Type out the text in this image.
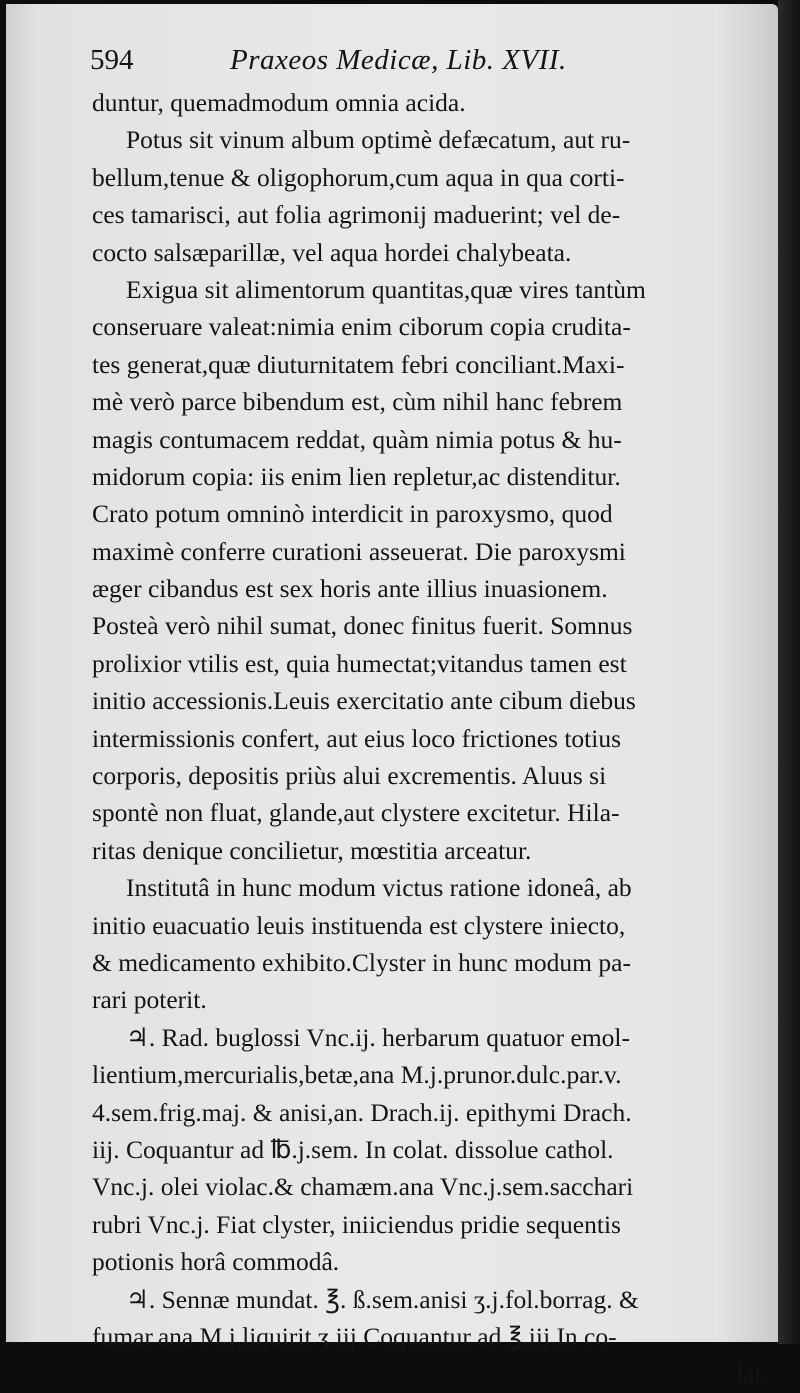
594	Praxeos Medicæ, Lib. XVII.
duntur, quemadmodum omnia acida.
Potus sit vinum album optimè defæcatum, aut ru-
bellum,tenue & oligophorum,cum aqua in qua corti-
ces tamarisci, aut folia agrimonij maduerint; vel de-
cocto salsæparillæ, vel aqua hordei chalybeata.
Exigua sit alimentorum quantitas,quæ vires tantùm
conseruare valeat:nimia enim ciborum copia crudita-
tes generat,quæ diuturnitatem febri conciliant.Maxi-
mè verò parce bibendum est, cùm nihil hanc febrem
magis contumacem reddat, quàm nimia potus & hu-
midorum copia: iis enim lien repletur,ac distenditur.
Crato potum omninò interdicit in paroxysmo, quod
maximè conferre curationi asseuerat. Die paroxysmi
æger cibandus est sex horis ante illius inuasionem.
Posteà verò nihil sumat, donec finitus fuerit. Somnus
prolixior vtilis est, quia humectat;vitandus tamen est
initio accessionis.Leuis exercitatio ante cibum diebus
intermissionis confert, aut eius loco frictiones totius
corporis, depositis priùs alui excrementis. Aluus si
spontè non fluat, glande,aut clystere excitetur. Hila-
ritas denique concilietur, mœstitia arceatur.
Institutâ in hunc modum victus ratione idoneâ, ab
initio euacuatio leuis instituenda est clystere iniecto,
& medicamento exhibito.Clyster in hunc modum pa-
rari poterit.
♃. Rad. buglossi Vnc.ij. herbarum quatuor emol-
lientium,mercurialis,betæ,ana M.j.prunor.dulc.par.v.
4.sem.frig.maj. & anisi,an. Drach.ij. epithymi Drach.
iij. Coquantur ad ℔.j.sem. In colat. dissolue cathol.
Vnc.j. olei violac.& chamæm.ana Vnc.j.sem.sacchari
rubri Vnc.j. Fiat clyster, iniiciendus pridie sequentis
potionis horâ commodâ.
♃. Sennæ mundat. ℥. ß.sem.anisi ʒ.j.fol.borrag. &
fumar.ana M.j.liquirit.ʒ.iij.Coquantur ad ℥.iij.In co-
lat.
